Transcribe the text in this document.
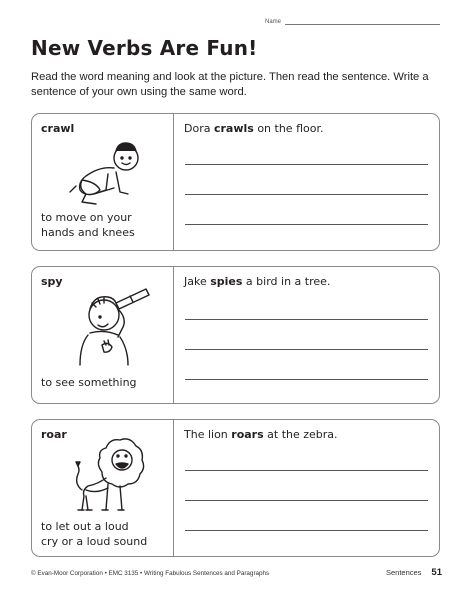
Name
New Verbs Are Fun!

Read the word meaning and look at the picture. Then read the sentence. Write a sentence of your own using the same word.

crawl
to move on your
hands and knees
Dora crawls on the floor.
spy
to see something
Jake spies a bird in a tree.
roar
to let out a loud
cry or a loud sound
The lion roars at the zebra.
© Evan-Moor Corporation • EMC 3135 • Writing Fabulous Sentences and Paragraphs	Sentences 51
